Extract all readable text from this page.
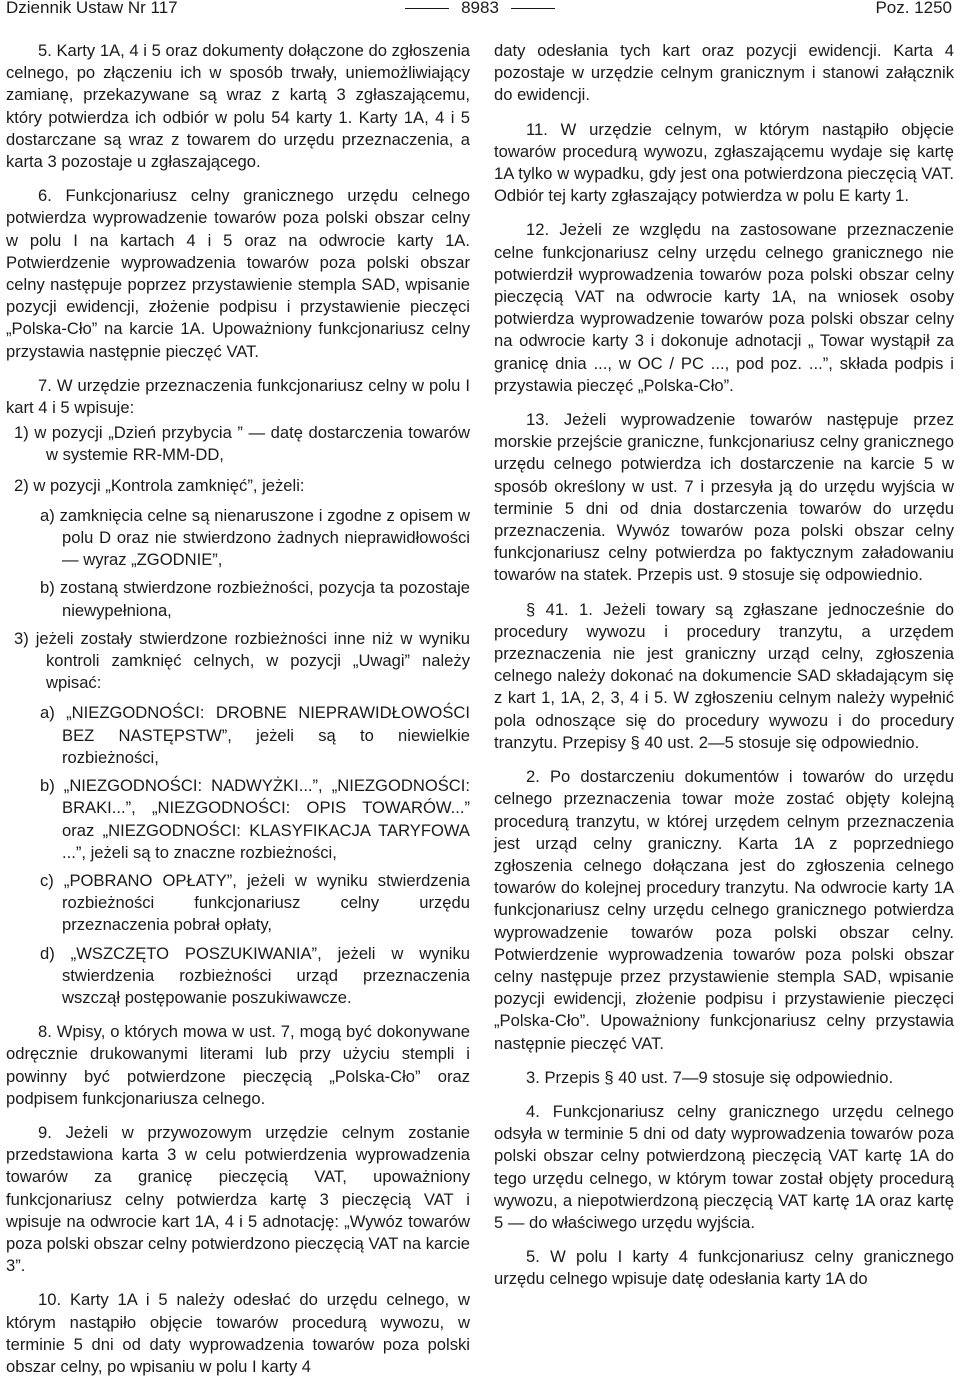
Dziennik Ustaw Nr 117	8983	Poz. 1250

5. Karty 1A, 4 i 5 oraz dokumenty dołączone do zgłoszenia celnego, po złączeniu ich w sposób trwały, uniemożliwiający zamianę, przekazywane są wraz z kartą 3 zgłaszającemu, który potwierdza ich odbiór w polu 54 karty 1. Karty 1A, 4 i 5 dostarczane są wraz z towarem do urzędu przeznaczenia, a karta 3 pozostaje u zgłaszającego.

6. Funkcjonariusz celny granicznego urzędu celnego potwierdza wyprowadzenie towarów poza polski obszar celny w polu I na kartach 4 i 5 oraz na odwrocie karty 1A. Potwierdzenie wyprowadzenia towarów poza polski obszar celny następuje poprzez przystawienie stempla SAD, wpisanie pozycji ewidencji, złożenie podpisu i przystawienie pieczęci „Polska-Cło” na karcie 1A. Upoważniony funkcjonariusz celny przystawia następnie pieczęć VAT.

7. W urzędzie przeznaczenia funkcjonariusz celny w polu I kart 4 i 5 wpisuje:

1) w pozycji „Dzień przybycia ” — datę dostarczenia towarów w systemie RR-MM-DD,
2) w pozycji „Kontrola zamknięć”, jeżeli:
a) zamknięcia celne są nienaruszone i zgodne z opisem w polu D oraz nie stwierdzono żadnych nieprawidłowości — wyraz „ZGODNIE”,
b) zostaną stwierdzone rozbieżności, pozycja ta pozostaje niewypełniona,
3) jeżeli zostały stwierdzone rozbieżności inne niż w wyniku kontroli zamknięć celnych, w pozycji „Uwagi” należy wpisać:
a) „NIEZGODNOŚCI: DROBNE NIEPRAWIDŁOWOŚCI BEZ NASTĘPSTW”, jeżeli są to niewielkie rozbieżności,
b) „NIEZGODNOŚCI: NADWYŻKI...”, „NIEZGODNOŚCI: BRAKI...”, „NIEZGODNOŚCI: OPIS TOWARÓW...” oraz „NIEZGODNOŚCI: KLASYFIKACJA TARYFOWA ...”, jeżeli są to znaczne rozbieżności,
c) „POBRANO OPŁATY”, jeżeli w wyniku stwierdzenia rozbieżności funkcjonariusz celny urzędu przeznaczenia pobrał opłaty,
d) „WSZCZĘTO POSZUKIWANIA”, jeżeli w wyniku stwierdzenia rozbieżności urząd przeznaczenia wszczął postępowanie poszukiwawcze.

8. Wpisy, o których mowa w ust. 7, mogą być dokonywane odręcznie drukowanymi literami lub przy użyciu stempli i powinny być potwierdzone pieczęcią „Polska-Cło” oraz podpisem funkcjonariusza celnego.

9. Jeżeli w przywozowym urzędzie celnym zostanie przedstawiona karta 3 w celu potwierdzenia wyprowadzenia towarów za granicę pieczęcią VAT, upoważniony funkcjonariusz celny potwierdza kartę 3 pieczęcią VAT i wpisuje na odwrocie kart 1A, 4 i 5 adnotację: „Wywóz towarów poza polski obszar celny potwierdzono pieczęcią VAT na karcie 3”.

10. Karty 1A i 5 należy odesłać do urzędu celnego, w którym nastąpiło objęcie towarów procedurą wywozu, w terminie 5 dni od daty wyprowadzenia towarów poza polski obszar celny, po wpisaniu w polu I karty 4

daty odesłania tych kart oraz pozycji ewidencji. Karta 4 pozostaje w urzędzie celnym granicznym i stanowi załącznik do ewidencji.

11. W urzędzie celnym, w którym nastąpiło objęcie towarów procedurą wywozu, zgłaszającemu wydaje się kartę 1A tylko w wypadku, gdy jest ona potwierdzona pieczęcią VAT. Odbiór tej karty zgłaszający potwierdza w polu E karty 1.

12. Jeżeli ze względu na zastosowane przeznaczenie celne funkcjonariusz celny urzędu celnego granicznego nie potwierdził wyprowadzenia towarów poza polski obszar celny pieczęcią VAT na odwrocie karty 1A, na wniosek osoby potwierdza wyprowadzenie towarów poza polski obszar celny na odwrocie karty 3 i dokonuje adnotacji „ Towar wystąpił za granicę dnia ..., w OC / PC ..., pod poz. ...”, składa podpis i przystawia pieczęć „Polska-Cło”.

13. Jeżeli wyprowadzenie towarów następuje przez morskie przejście graniczne, funkcjonariusz celny granicznego urzędu celnego potwierdza ich dostarczenie na karcie 5 w sposób określony w ust. 7 i przesyła ją do urzędu wyjścia w terminie 5 dni od dnia dostarczenia towarów do urzędu przeznaczenia. Wywóz towarów poza polski obszar celny funkcjonariusz celny potwierdza po faktycznym załadowaniu towarów na statek. Przepis ust. 9 stosuje się odpowiednio.

§ 41. 1. Jeżeli towary są zgłaszane jednocześnie do procedury wywozu i procedury tranzytu, a urzędem przeznaczenia nie jest graniczny urząd celny, zgłoszenia celnego należy dokonać na dokumencie SAD składającym się z kart 1, 1A, 2, 3, 4 i 5. W zgłoszeniu celnym należy wypełnić pola odnoszące się do procedury wywozu i do procedury tranzytu. Przepisy § 40 ust. 2—5 stosuje się odpowiednio.

2. Po dostarczeniu dokumentów i towarów do urzędu celnego przeznaczenia towar może zostać objęty kolejną procedurą tranzytu, w której urzędem celnym przeznaczenia jest urząd celny graniczny. Karta 1A z poprzedniego zgłoszenia celnego dołączana jest do zgłoszenia celnego towarów do kolejnej procedury tranzytu. Na odwrocie karty 1A funkcjonariusz celny urzędu celnego granicznego potwierdza wyprowadzenie towarów poza polski obszar celny. Potwierdzenie wyprowadzenia towarów poza polski obszar celny następuje przez przystawienie stempla SAD, wpisanie pozycji ewidencji, złożenie podpisu i przystawienie pieczęci „Polska-Cło”. Upoważniony funkcjonariusz celny przystawia następnie pieczęć VAT.

3. Przepis § 40 ust. 7—9 stosuje się odpowiednio.

4. Funkcjonariusz celny granicznego urzędu celnego odsyła w terminie 5 dni od daty wyprowadzenia towarów poza polski obszar celny potwierdzoną pieczęcią VAT kartę 1A do tego urzędu celnego, w którym towar został objęty procedurą wywozu, a niepotwierdzoną pieczęcią VAT kartę 1A oraz kartę 5 — do właściwego urzędu wyjścia.

5. W polu I karty 4 funkcjonariusz celny granicznego urzędu celnego wpisuje datę odesłania karty 1A do
